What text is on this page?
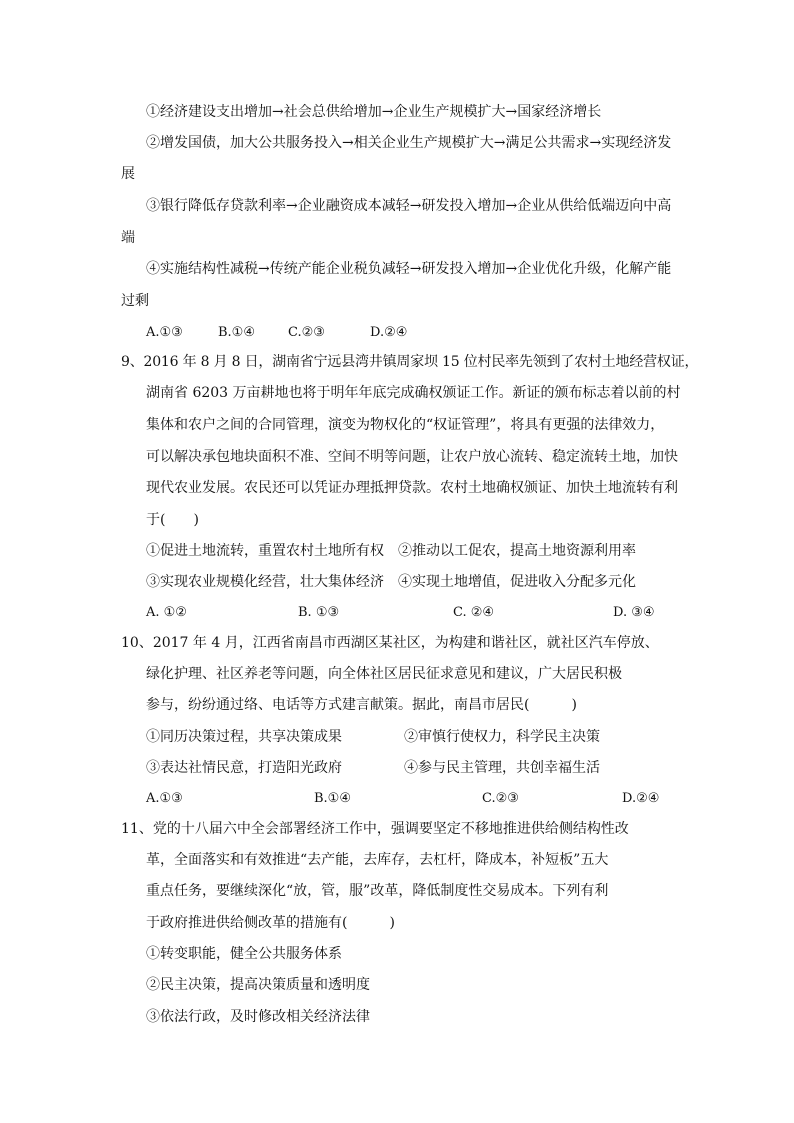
①经济建设支出增加→社会总供给增加→企业生产规模扩大→国家经济增长
②增发国债，加大公共服务投入→相关企业生产规模扩大→满足公共需求→实现经济发
展
③银行降低存贷款利率→企业融资成本减轻→研发投入增加→企业从供给低端迈向中高
端
④实施结构性减税→传统产能企业税负减轻→研发投入增加→企业优化升级，化解产能
过剩
A.①③	B.①④	C.②③	D.②④
9、2016 年 8 月 8 日，湖南省宁远县湾井镇周家坝 15 位村民率先领到了农村土地经营权证，
湖南省 6203 万亩耕地也将于明年年底完成确权颁证工作。新证的颁布标志着以前的村
集体和农户之间的合同管理，演变为物权化的“权证管理”，将具有更强的法律效力，
可以解决承包地块面积不准、空间不明等问题，让农户放心流转、稳定流转土地，加快
现代农业发展。农民还可以凭证办理抵押贷款。农村土地确权颁证、加快土地流转有利
于(　　)
①促进土地流转，重置农村土地所有权　②推动以工促农，提高土地资源利用率
③实现农业规模化经营，壮大集体经济　④实现土地增值，促进收入分配多元化
A. ①②	B. ①③	C. ②④	D. ③④
10、2017 年 4 月，江西省南昌市西湖区某社区，为构建和谐社区，就社区汽车停放、
绿化护理、社区养老等问题，向全体社区居民征求意见和建议，广大居民积极
参与，纷纷通过络、电话等方式建言献策。据此，南昌市居民(　　　)
①同历决策过程，共享决策成果	②审慎行使权力，科学民主决策
③表达社情民意，打造阳光政府	④参与民主管理，共创幸福生活
A.①③	B.①④	C.②③	D.②④
11、党的十八届六中全会部署经济工作中，强调要坚定不移地推进供给侧结构性改
革，全面落实和有效推进“去产能，去库存，去杠杆，降成本，补短板”五大
重点任务，要继续深化“放，管，服”改革，降低制度性交易成本。下列有利
于政府推进供给侧改革的措施有(　　　)
①转变职能，健全公共服务体系
②民主决策，提高决策质量和透明度
③依法行政，及时修改相关经济法律
